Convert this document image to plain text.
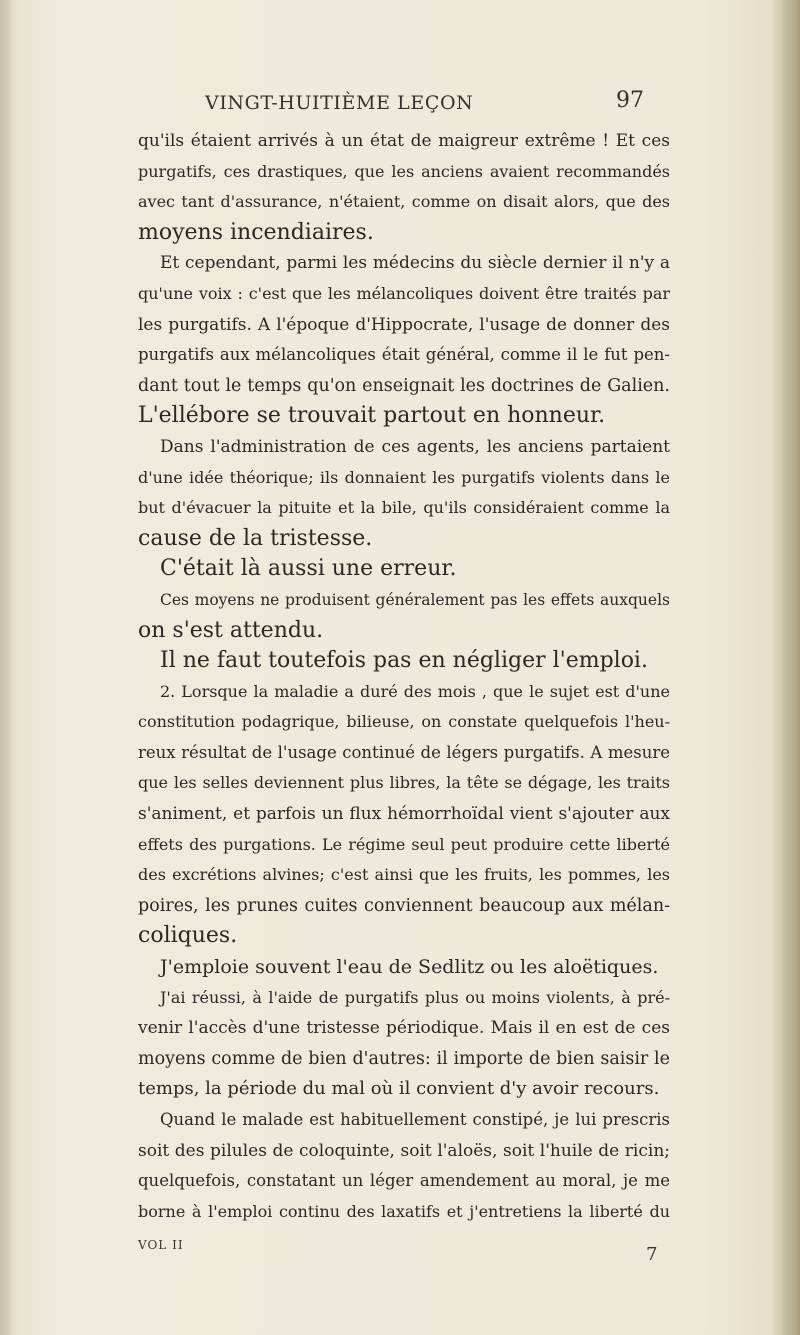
VINGT-HUITIÈME LEÇON	97
qu'ils étaient arrivés à un état de maigreur extrême ! Et ces
purgatifs, ces drastiques, que les anciens avaient recommandés
avec tant d'assurance, n'étaient, comme on disait alors, que des
moyens incendiaires.
Et cependant, parmi les médecins du siècle dernier il n'y a
qu'une voix : c'est que les mélancoliques doivent être traités par
les purgatifs. A l'époque d'Hippocrate, l'usage de donner des
purgatifs aux mélancoliques était général, comme il le fut pen-
dant tout le temps qu'on enseignait les doctrines de Galien.
L'ellébore se trouvait partout en honneur.
Dans l'administration de ces agents, les anciens partaient
d'une idée théorique; ils donnaient les purgatifs violents dans le
but d'évacuer la pituite et la bile, qu'ils considéraient comme la
cause de la tristesse.
C'était là aussi une erreur.
Ces moyens ne produisent généralement pas les effets auxquels
on s'est attendu.
Il ne faut toutefois pas en négliger l'emploi.
2. Lorsque la maladie a duré des mois , que le sujet est d'une
constitution podagrique, bilieuse, on constate quelquefois l'heu-
reux résultat de l'usage continué de légers purgatifs. A mesure
que les selles deviennent plus libres, la tête se dégage, les traits
s'animent, et parfois un flux hémorrhoïdal vient s'ajouter aux
effets des purgations. Le régime seul peut produire cette liberté
des excrétions alvines; c'est ainsi que les fruits, les pommes, les
poires, les prunes cuites conviennent beaucoup aux mélan-
coliques.
J'emploie souvent l'eau de Sedlitz ou les aloëtiques.
J'ai réussi, à l'aide de purgatifs plus ou moins violents, à pré-
venir l'accès d'une tristesse périodique. Mais il en est de ces
moyens comme de bien d'autres: il importe de bien saisir le
temps, la période du mal où il convient d'y avoir recours.
Quand le malade est habituellement constipé, je lui prescris
soit des pilules de coloquinte, soit l'aloës, soit l'huile de ricin;
quelquefois, constatant un léger amendement au moral, je me
borne à l'emploi continu des laxatifs et j'entretiens la liberté du
VOL II	7
